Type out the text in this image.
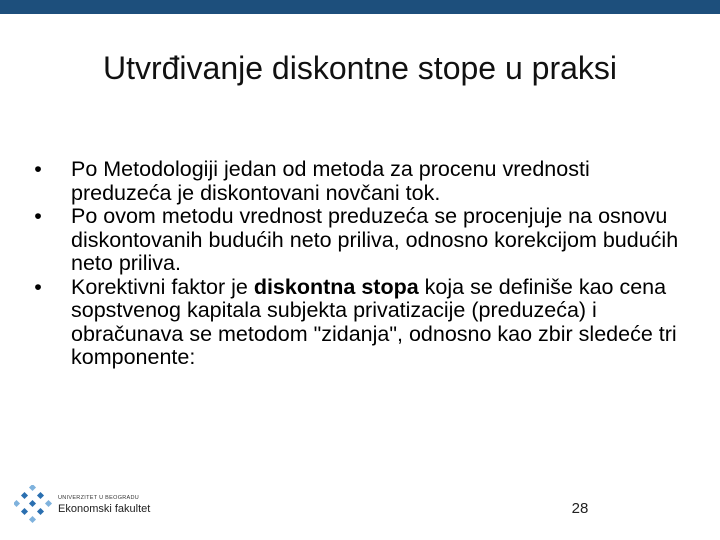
Utvrđivanje diskontne stope u praksi
• Po Metodologiji jedan od metoda za procenu vrednosti preduzeća je diskontovani novčani tok.
• Po ovom metodu vrednost preduzeća se procenjuje na osnovu diskontovanih budućih neto priliva, odnosno korekcijom budućih neto priliva.
• Korektivni faktor je diskontna stopa koja se definiše kao cena sopstvenog kapitala subjekta privatizacije (preduzeća) i obračunava se metodom "zidanja", odnosno kao zbir sledeće tri komponente:
UNIVERZITET U BEOGRADU
Ekonomski fakultet	28
